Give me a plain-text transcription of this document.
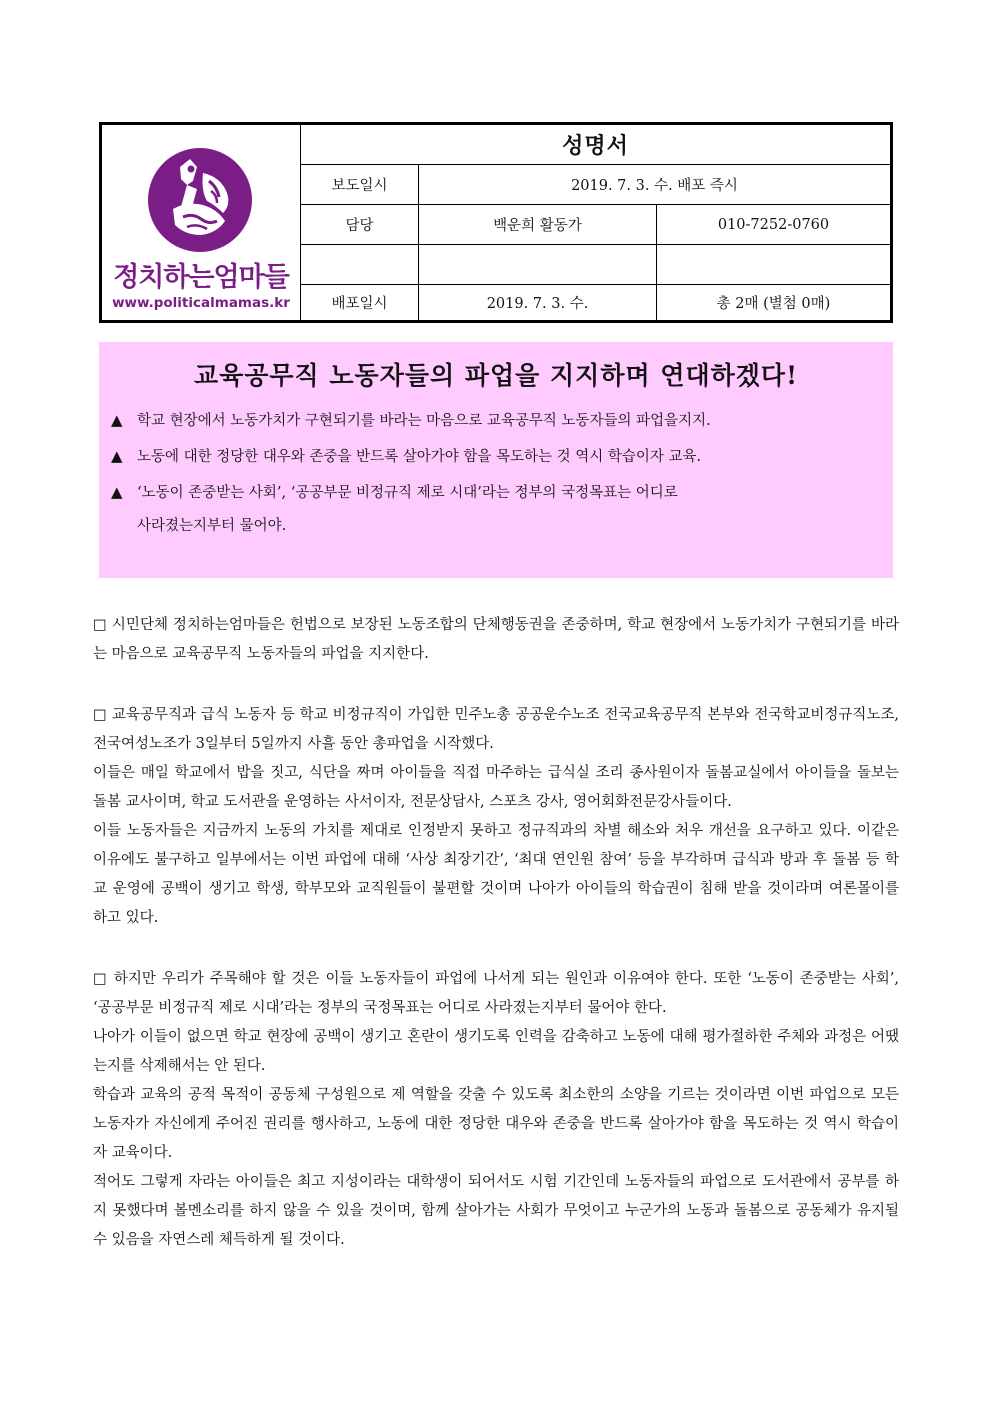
정치하는엄마들
www.politicalmamas.kr
성명서
보도일시	2019. 7. 3. 수. 배포 즉시
담당	백운희 활동가	010-7252-0760
배포일시	2019. 7. 3. 수.	총 2매 (별첨 0매)
교육공무직 노동자들의 파업을 지지하며 연대하겠다!
▲ 학교 현장에서 노동가치가 구현되기를 바라는 마음으로 교육공무직 노동자들의 파업을지지.
▲ 노동에 대한 정당한 대우와 존중을 반드록 살아가야 함을 목도하는 것 역시 학습이자 교육.
▲ ‘노동이 존중받는 사회’, ‘공공부문 비정규직 제로 시대’라는 정부의 국정목표는 어디로
사라졌는지부터 물어야.

□ 시민단체 정치하는엄마들은 헌법으로 보장된 노동조합의 단체행동권을 존중하며, 학교 현장에서 노동가치가 구현되기를 바라는 마음으로 교육공무직 노동자들의 파업을 지지한다.

□ 교육공무직과 급식 노동자 등 학교 비정규직이 가입한 민주노총 공공운수노조 전국교육공무직 본부와 전국학교비정규직노조, 전국여성노조가 3일부터 5일까지 사흘 동안 총파업을 시작했다.

이들은 매일 학교에서 밥을 짓고, 식단을 짜며 아이들을 직접 마주하는 급식실 조리 종사원이자 돌봄교실에서 아이들을 돌보는 돌봄 교사이며, 학교 도서관을 운영하는 사서이자, 전문상담사, 스포츠 강사, 영어회화전문강사들이다.

이들 노동자들은 지금까지 노동의 가치를 제대로 인정받지 못하고 정규직과의 차별 해소와 처우 개선을 요구하고 있다. 이같은 이유에도 불구하고 일부에서는 이번 파업에 대해 ‘사상 최장기간’, ‘최대 연인원 참여’ 등을 부각하며 급식과 방과 후 돌봄 등 학교 운영에 공백이 생기고 학생, 학부모와 교직원들이 불편할 것이며 나아가 아이들의 학습권이 침해 받을 것이라며 여론몰이를 하고 있다.

□ 하지만 우리가 주목해야 할 것은 이들 노동자들이 파업에 나서게 되는 원인과 이유여야 한다. 또한 ‘노동이 존중받는 사회’, ‘공공부문 비정규직 제로 시대’라는 정부의 국정목표는 어디로 사라졌는지부터 물어야 한다.

나아가 이들이 없으면 학교 현장에 공백이 생기고 혼란이 생기도록 인력을 감축하고 노동에 대해 평가절하한 주체와 과정은 어땠는지를 삭제해서는 안 된다.

학습과 교육의 공적 목적이 공동체 구성원으로 제 역할을 갖출 수 있도록 최소한의 소양을 기르는 것이라면 이번 파업으로 모든 노동자가 자신에게 주어진 권리를 행사하고, 노동에 대한 정당한 대우와 존중을 반드록 살아가야 함을 목도하는 것 역시 학습이자 교육이다.

적어도 그렇게 자라는 아이들은 최고 지성이라는 대학생이 되어서도 시험 기간인데 노동자들의 파업으로 도서관에서 공부를 하지 못했다며 볼멘소리를 하지 않을 수 있을 것이며, 함께 살아가는 사회가 무엇이고 누군가의 노동과 돌봄으로 공동체가 유지될 수 있음을 자연스레 체득하게 될 것이다.
